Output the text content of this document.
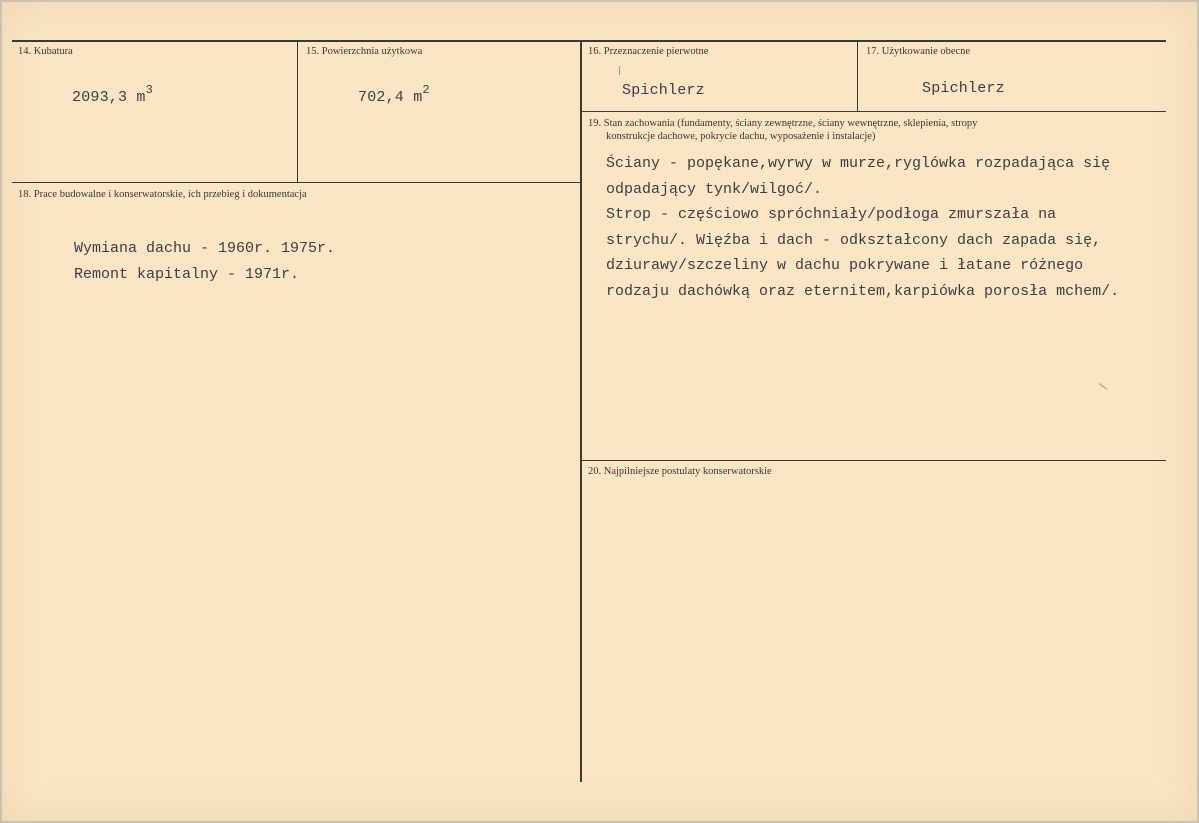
14. Kubatura
2093,3 $m^3$
15. Powierzchnia użytkowa
702,4 $m^2$
16. Przeznaczenie pierwotne
Spichlerz
17. Użytkowanie obecne
Spichlerz
18. Prace budowalne i konserwatorskie, ich przebieg i dokumentacja
Wymiana dachu - 1960r. 1975r.
Remont kapitalny - 1971r.
19. Stan zachowania (fundamenty, ściany zewnętrzne, ściany wewnętrzne, sklepienia, stropy
konstrukcje dachowe, pokrycie dachu, wyposażenie i instalacje)
Ściany - popękane,wyrwy w murze,ryglówka rozpadająca się
odpadający tynk/wilgoć/.
Strop - częściowo spróchniały/podłoga zmurszała na
strychu/. Więźba i dach - odkształcony dach zapada się,
dziurawy/szczeliny w dachu pokrywane i łatane różnego
rodzaju dachówką oraz eternitem,karpiówka porosła mchem/.
20. Najpilniejsze postulaty konserwatorskie
